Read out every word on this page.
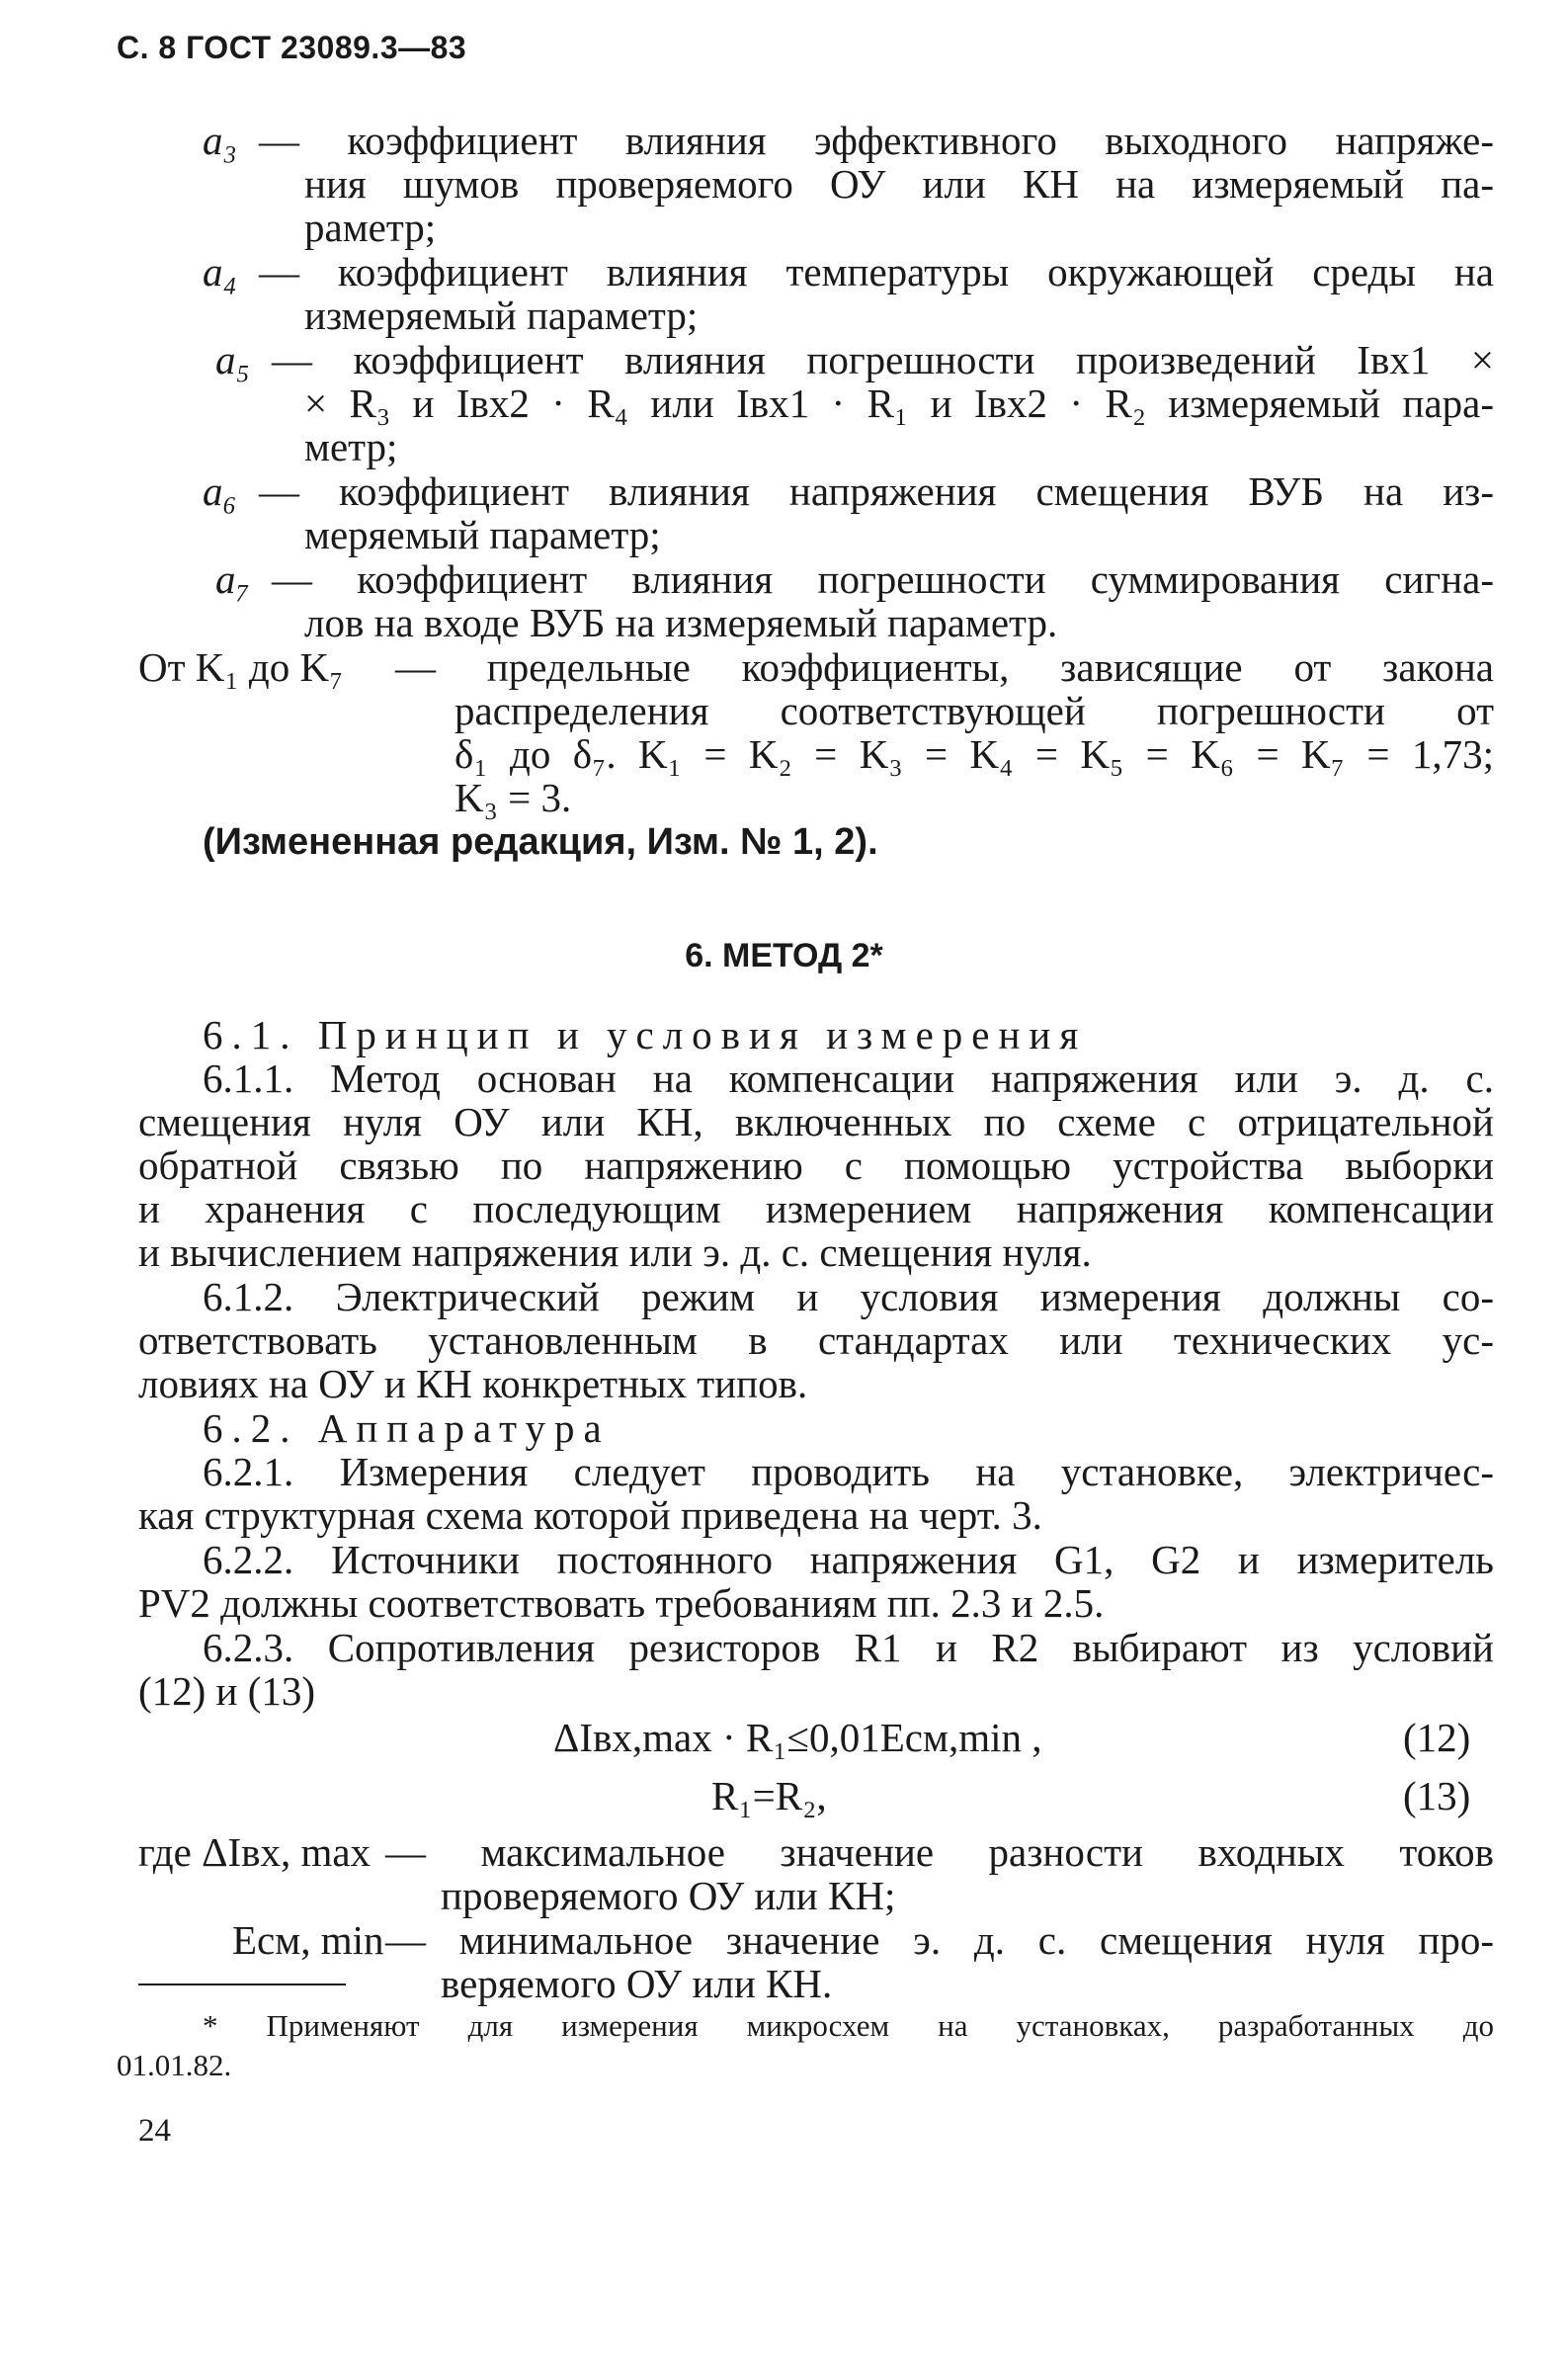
С. 8 ГОСТ 23089.3—83
a₃ — коэффициент влияния эффективного выходного напряже-
ния шумов проверяемого ОУ или КН на измеряемый па-
раметр;
a₄ — коэффициент влияния температуры окружающей среды на
измеряемый параметр;
a₅ — коэффициент влияния погрешности произведений Iвх1 ×
× R₃ и Iвх2 · R₄ или Iвх1 · R₁ и Iвх2 · R₂ измеряемый пара-
метр;
a₆ — коэффициент влияния напряжения смещения ВУБ на из-
меряемый параметр;
a₇ — коэффициент влияния погрешности суммирования сигна-
лов на входе ВУБ на измеряемый параметр.
От K₁ до K₇ — предельные коэффициенты, зависящие от закона
распределения соответствующей погрешности от
δ₁ до δ₇. K₁ = K₂ = K₃ = K₄ = K₅ = K₆ = K₇ = 1,73;
K₃ = 3.
(Измененная редакция, Изм. № 1, 2).
6. МЕТОД 2*
6.1. Принцип и условия измерения
6.1.1. Метод основан на компенсации напряжения или э. д. с.
смещения нуля ОУ или КН, включенных по схеме с отрицательной
обратной связью по напряжению с помощью устройства выборки
и хранения с последующим измерением напряжения компенсации
и вычислением напряжения или э. д. с. смещения нуля.
6.1.2. Электрический режим и условия измерения должны со-
ответствовать установленным в стандартах или технических ус-
ловиях на ОУ и КН конкретных типов.
6.2. Аппаратура
6.2.1. Измерения следует проводить на установке, электричес-
кая структурная схема которой приведена на черт. 3.
6.2.2. Источники постоянного напряжения G1, G2 и измеритель
PV2 должны соответствовать требованиям пп. 2.3 и 2.5.
6.2.3. Сопротивления резисторов R1 и R2 выбирают из условий
(12) и (13)
ΔIвх,max · R₁≤0,01Eсм,min ,	(12)
R₁=R₂,	(13)
где ΔIвх, max — максимальное значение разности входных токов
проверяемого ОУ или КН;
Eсм, min — минимальное значение э. д. с. смещения нуля про-
веряемого ОУ или КН.
* Применяют для измерения микросхем на установках, разработанных до
01.01.82.
24
